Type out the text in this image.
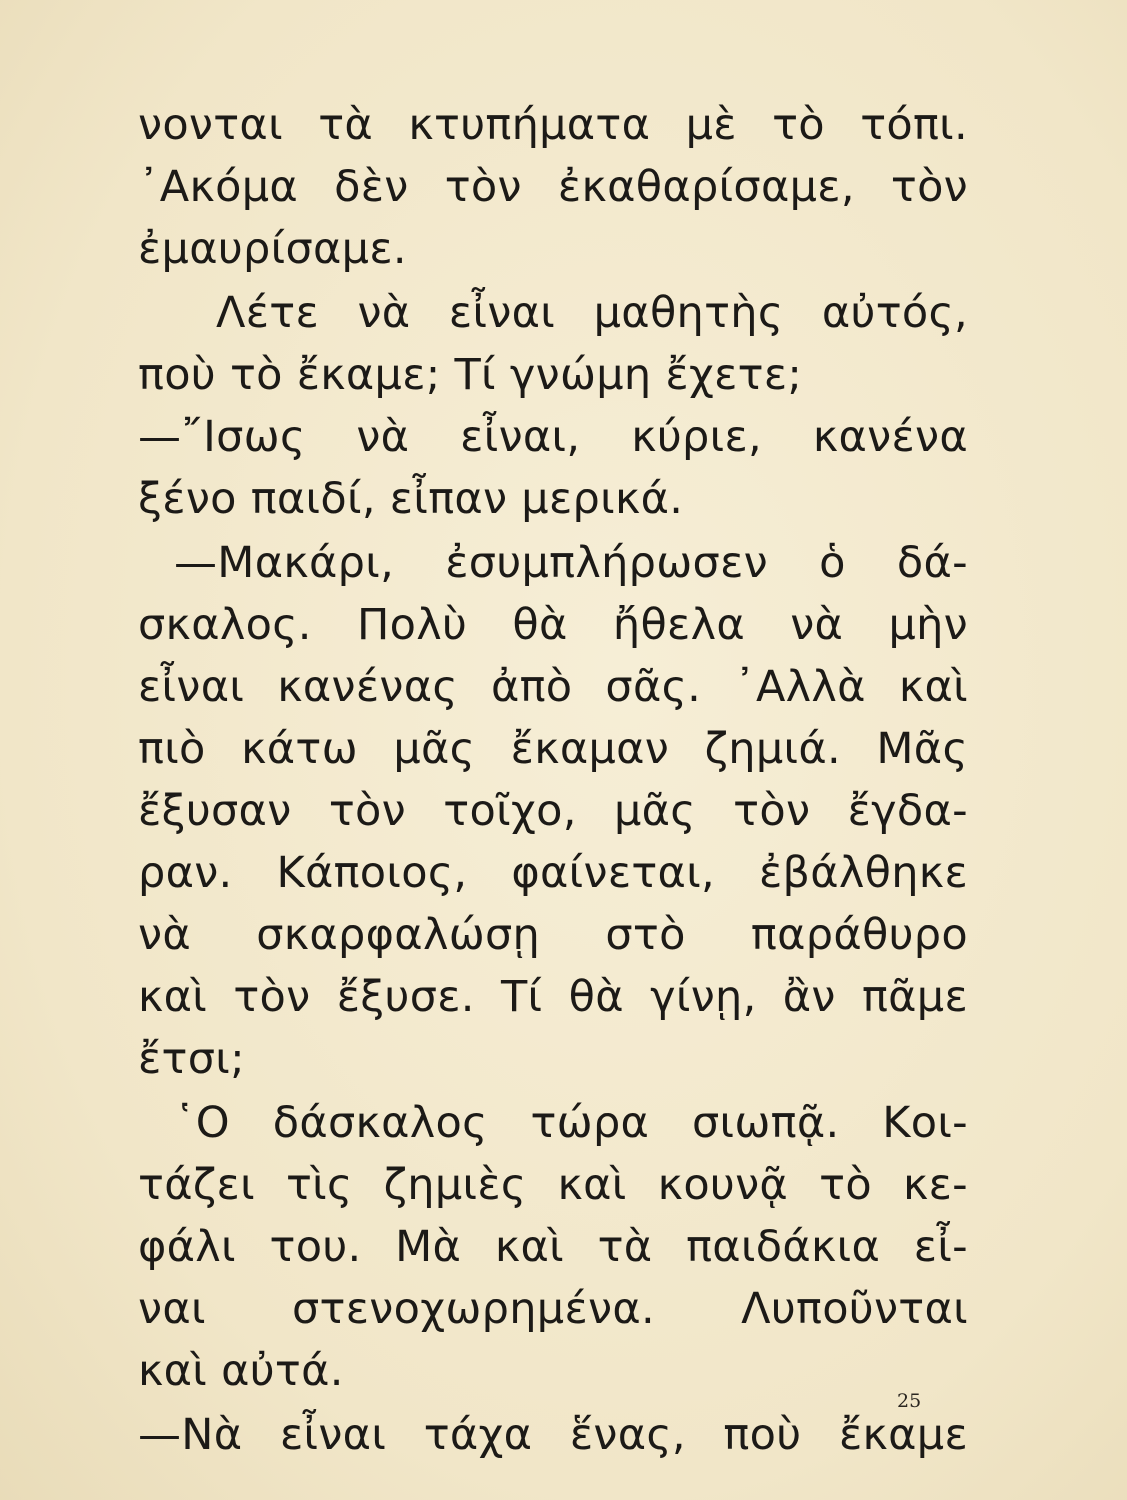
νονται τὰ κτυπήματα μὲ τὸ τόπι.
᾿Ακόμα δὲν τὸν ἐκαθαρίσαμε, τὸν
ἐμαυρίσαμε.
Λέτε νὰ εἶναι μαθητὴς αὐτός,
ποὺ τὸ ἔκαμε; Τί γνώμη ἔχετε;
—῎Ισως νὰ εἶναι, κύριε, κανένα
ξένο παιδί, εἶπαν μερικά.
—Μακάρι, ἐσυμπλήρωσεν ὁ δά-
σκαλος. Πολὺ θὰ ἤθελα νὰ μὴν
εἶναι κανένας ἀπὸ σᾶς. ᾿Αλλὰ καὶ
πιὸ κάτω μᾶς ἔκαμαν ζημιά. Μᾶς
ἔξυσαν τὸν τοῖχο, μᾶς τὸν ἔγδα-
ραν. Κάποιος, φαίνεται, ἐβάλθηκε
νὰ σκαρφαλώσῃ στὸ παράθυρο
καὶ τὸν ἔξυσε. Τί θὰ γίνῃ, ἂν πᾶμε
ἔτσι;
῾Ο δάσκαλος τώρα σιωπᾷ. Κοι-
τάζει τὶς ζημιὲς καὶ κουνᾷ τὸ κε-
φάλι του. Μὰ καὶ τὰ παιδάκια εἶ-
ναι στενοχωρημένα. Λυποῦνται
καὶ αὐτά.
—Νὰ εἶναι τάχα ἕνας, ποὺ ἔκαμε
25
